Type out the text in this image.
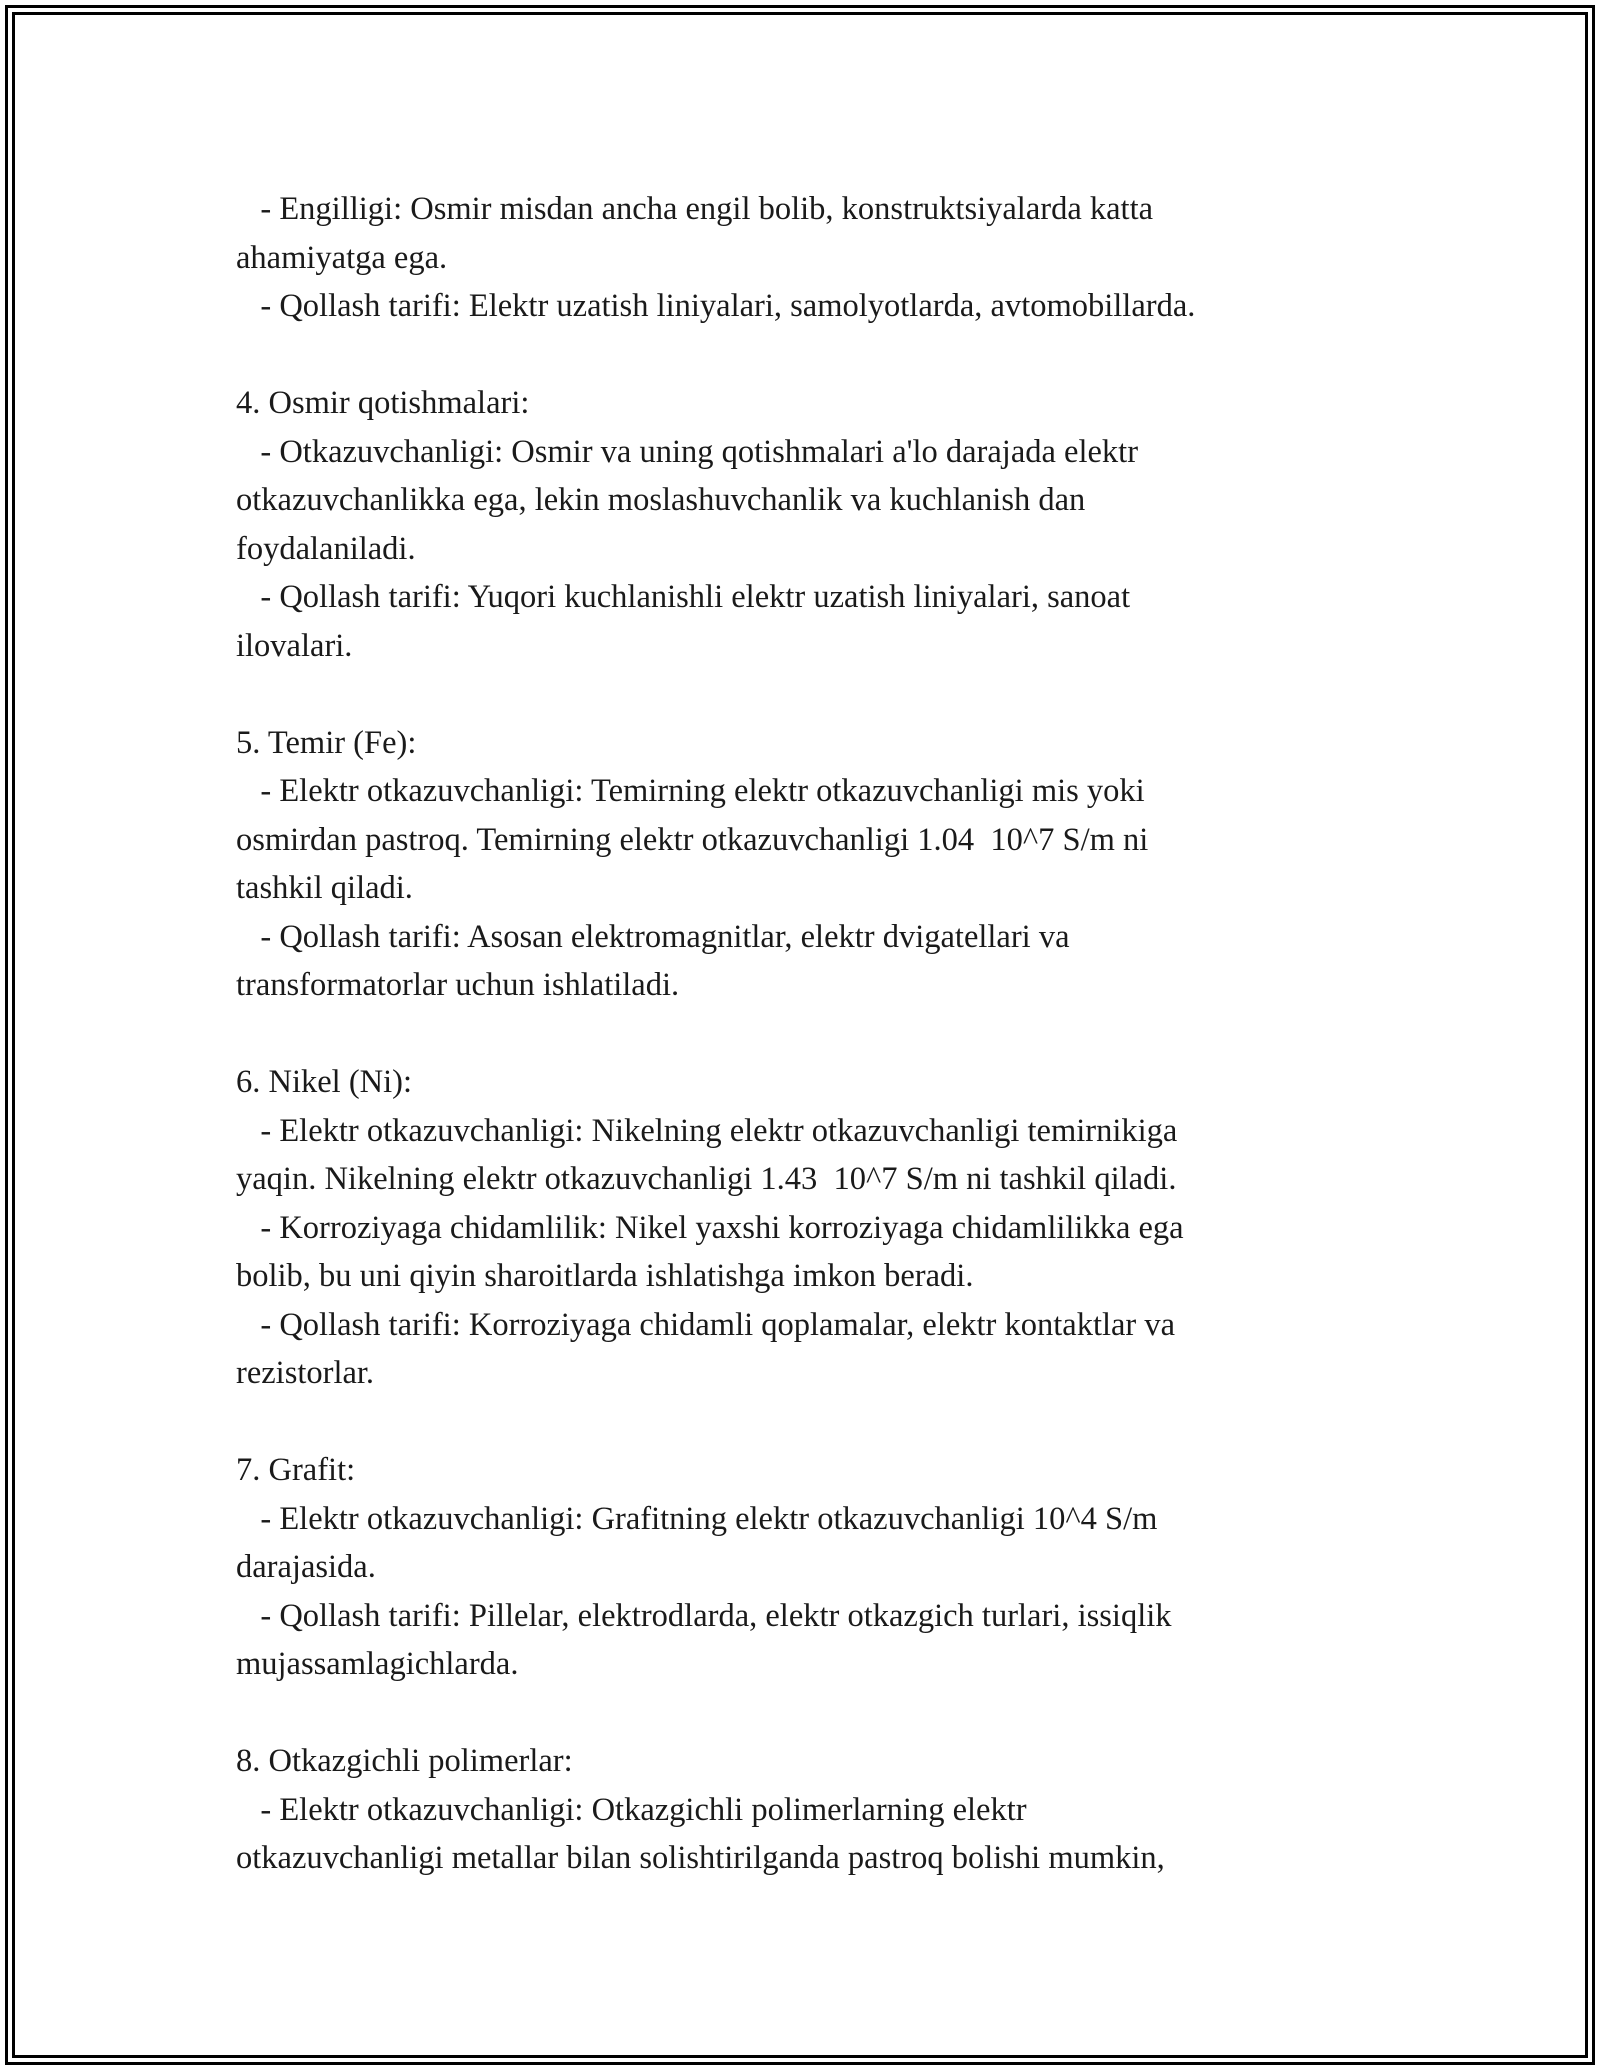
- Engilligi: Osmir misdan ancha engil bolib, konstruktsiyalarda katta
ahamiyatga ega.
- Qollash tarifi: Elektr uzatish liniyalari, samolyotlarda, avtomobillarda.
4. Osmir qotishmalari:
- Otkazuvchanligi: Osmir va uning qotishmalari a'lo darajada elektr
otkazuvchanlikka ega, lekin moslashuvchanlik va kuchlanish dan
foydalaniladi.
- Qollash tarifi: Yuqori kuchlanishli elektr uzatish liniyalari, sanoat
ilovalari.
5. Temir (Fe):
- Elektr otkazuvchanligi: Temirning elektr otkazuvchanligi mis yoki
osmirdan pastroq. Temirning elektr otkazuvchanligi 1.04  10^7 S/m ni
tashkil qiladi.
- Qollash tarifi: Asosan elektromagnitlar, elektr dvigatellari va
transformatorlar uchun ishlatiladi.
6. Nikel (Ni):
- Elektr otkazuvchanligi: Nikelning elektr otkazuvchanligi temirnikiga
yaqin. Nikelning elektr otkazuvchanligi 1.43  10^7 S/m ni tashkil qiladi.
- Korroziyaga chidamlilik: Nikel yaxshi korroziyaga chidamlilikka ega
bolib, bu uni qiyin sharoitlarda ishlatishga imkon beradi.
- Qollash tarifi: Korroziyaga chidamli qoplamalar, elektr kontaktlar va
rezistorlar.
7. Grafit:
- Elektr otkazuvchanligi: Grafitning elektr otkazuvchanligi 10^4 S/m
darajasida.
- Qollash tarifi: Pillelar, elektrodlarda, elektr otkazgich turlari, issiqlik
mujassamlagichlarda.
8. Otkazgichli polimerlar:
- Elektr otkazuvchanligi: Otkazgichli polimerlarning elektr
otkazuvchanligi metallar bilan solishtirilganda pastroq bolishi mumkin,
